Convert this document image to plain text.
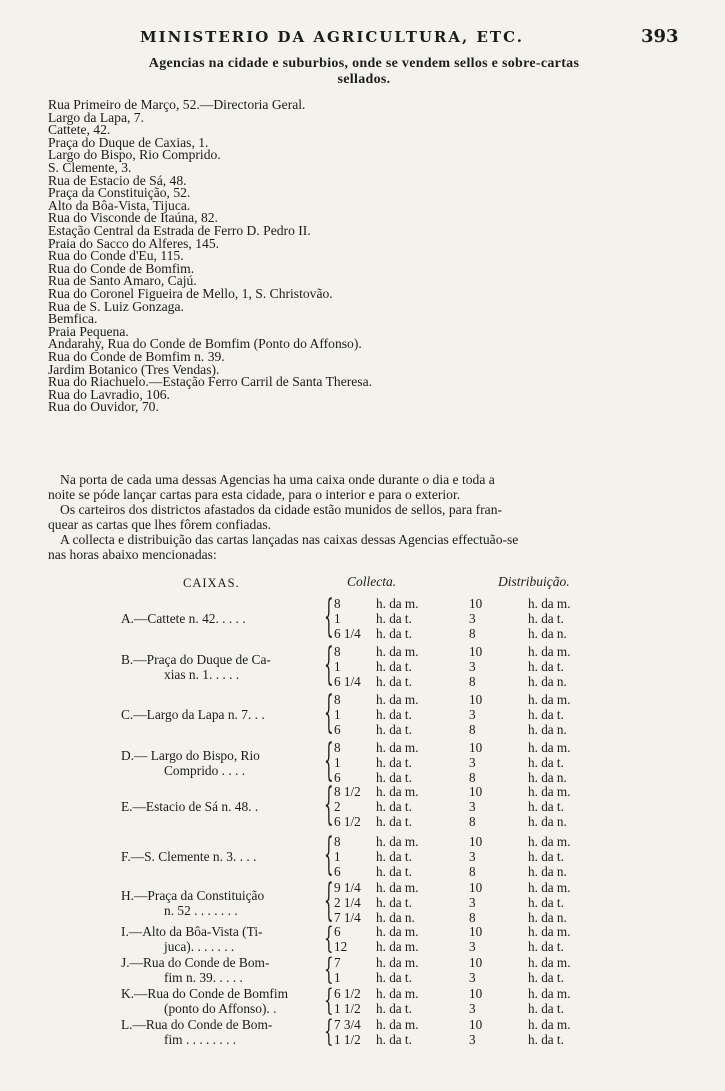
MINISTERIO DA AGRICULTURA, ETC.	393
Agencias na cidade e suburbios, onde se vendem sellos e sobre-cartas
sellados.
Rua Primeiro de Março, 52.—Directoria Geral.
Largo da Lapa, 7.
Cattete, 42.
Praça do Duque de Caxias, 1.
Largo do Bispo, Rio Comprido.
S. Clemente, 3.
Rua de Estacio de Sá, 48.
Praça da Constituição, 52.
Alto da Bôa-Vista, Tijuca.
Rua do Visconde de Itaúna, 82.
Estação Central da Estrada de Ferro D. Pedro II.
Praia do Sacco do Alferes, 145.
Rua do Conde d'Eu, 115.
Rua do Conde de Bomfim.
Rua de Santo Amaro, Cajú.
Rua do Coronel Figueira de Mello, 1, S. Christovão.
Rua de S. Luiz Gonzaga.
Bemfica.
Praia Pequena.
Andarahy, Rua do Conde de Bomfim (Ponto do Affonso).
Rua do Conde de Bomfim n. 39.
Jardim Botanico (Tres Vendas).
Rua do Riachuelo.—Estação Ferro Carril de Santa Theresa.
Rua do Lavradio, 106.
Rua do Ouvidor, 70.
Na porta de cada uma dessas Agencias ha uma caixa onde durante o dia e toda a
noite se póde lançar cartas para esta cidade, para o interior e para o exterior.
Os carteiros dos districtos afastados da cidade estão munidos de sellos, para fran-
quear as cartas que lhes fôrem confiadas.
A collecta e distribuição das cartas lançadas nas caixas dessas Agencias effectuão-se
nas horas abaixo mencionadas:
CAIXAS.	Collecta.	Distribuição.
A.—Cattete n. 42. . . . .	{ 8	h. da m.	10	h. da m.
1	h. da t.	3	h. da t.
6 1/4 h. da t.	8	h. da n.
B.—Praça do Duque de Ca-
xias n. 1. . . . .	{ 8	h. da m.	10	h. da m.
1	h. da t.	3	h. da t.
6 1/4 h. da t.	8	h. da n.
C.—Largo da Lapa n. 7. . .	{ 8	h. da m.	10	h. da m.
1	h. da t.	3	h. da t.
6	h. da t.	8	h. da n.
D.— Largo do Bispo, Rio
Comprido . . . .	{ 8	h. da m.	10	h. da m.
1	h. da t.	3	h. da t.
6	h. da t.	8	h. da n.
E.—Estacio de Sá n. 48. .	{ 8 1/2 h. da m.	10	h. da m.
2	h. da t.	3	h. da t.
6 1/2 h. da t.	8	h. da n.
F.—S. Clemente n. 3. . . .	{ 8	h. da m.	10	h. da m.
1	h. da t.	3	h. da t.
6	h. da t.	8	h. da n.
H.—Praça da Constituição
n. 52 . . . . . . .	{ 9 1/4 h. da m.	10	h. da m.
2 1/4 h. da t.	3	h. da t.
7 1/4 h. da n.	8	h. da n.
I.—Alto da Bôa-Vista (Ti-
juca). . . . . . .	{ 6	h. da m.	10	h. da m.
12 h. da m.	3	h. da t.
J.—Rua do Conde de Bom-
fim n. 39. . . . .	{ 7	h. da m.	10	h. da m.
1	h. da t.	3	h. da t.
K.—Rua do Conde de Bomfim
(ponto do Affonso). .	{ 6 1/2 h. da m.	10	h. da m.
1 1/2 h. da t.	3	h. da t.
L.—Rua do Conde de Bom-
fim . . . . . . . .	{ 7 3/4 h. da m.	10	h. da m.
1 1/2 h. da t.	3	h. da t.
